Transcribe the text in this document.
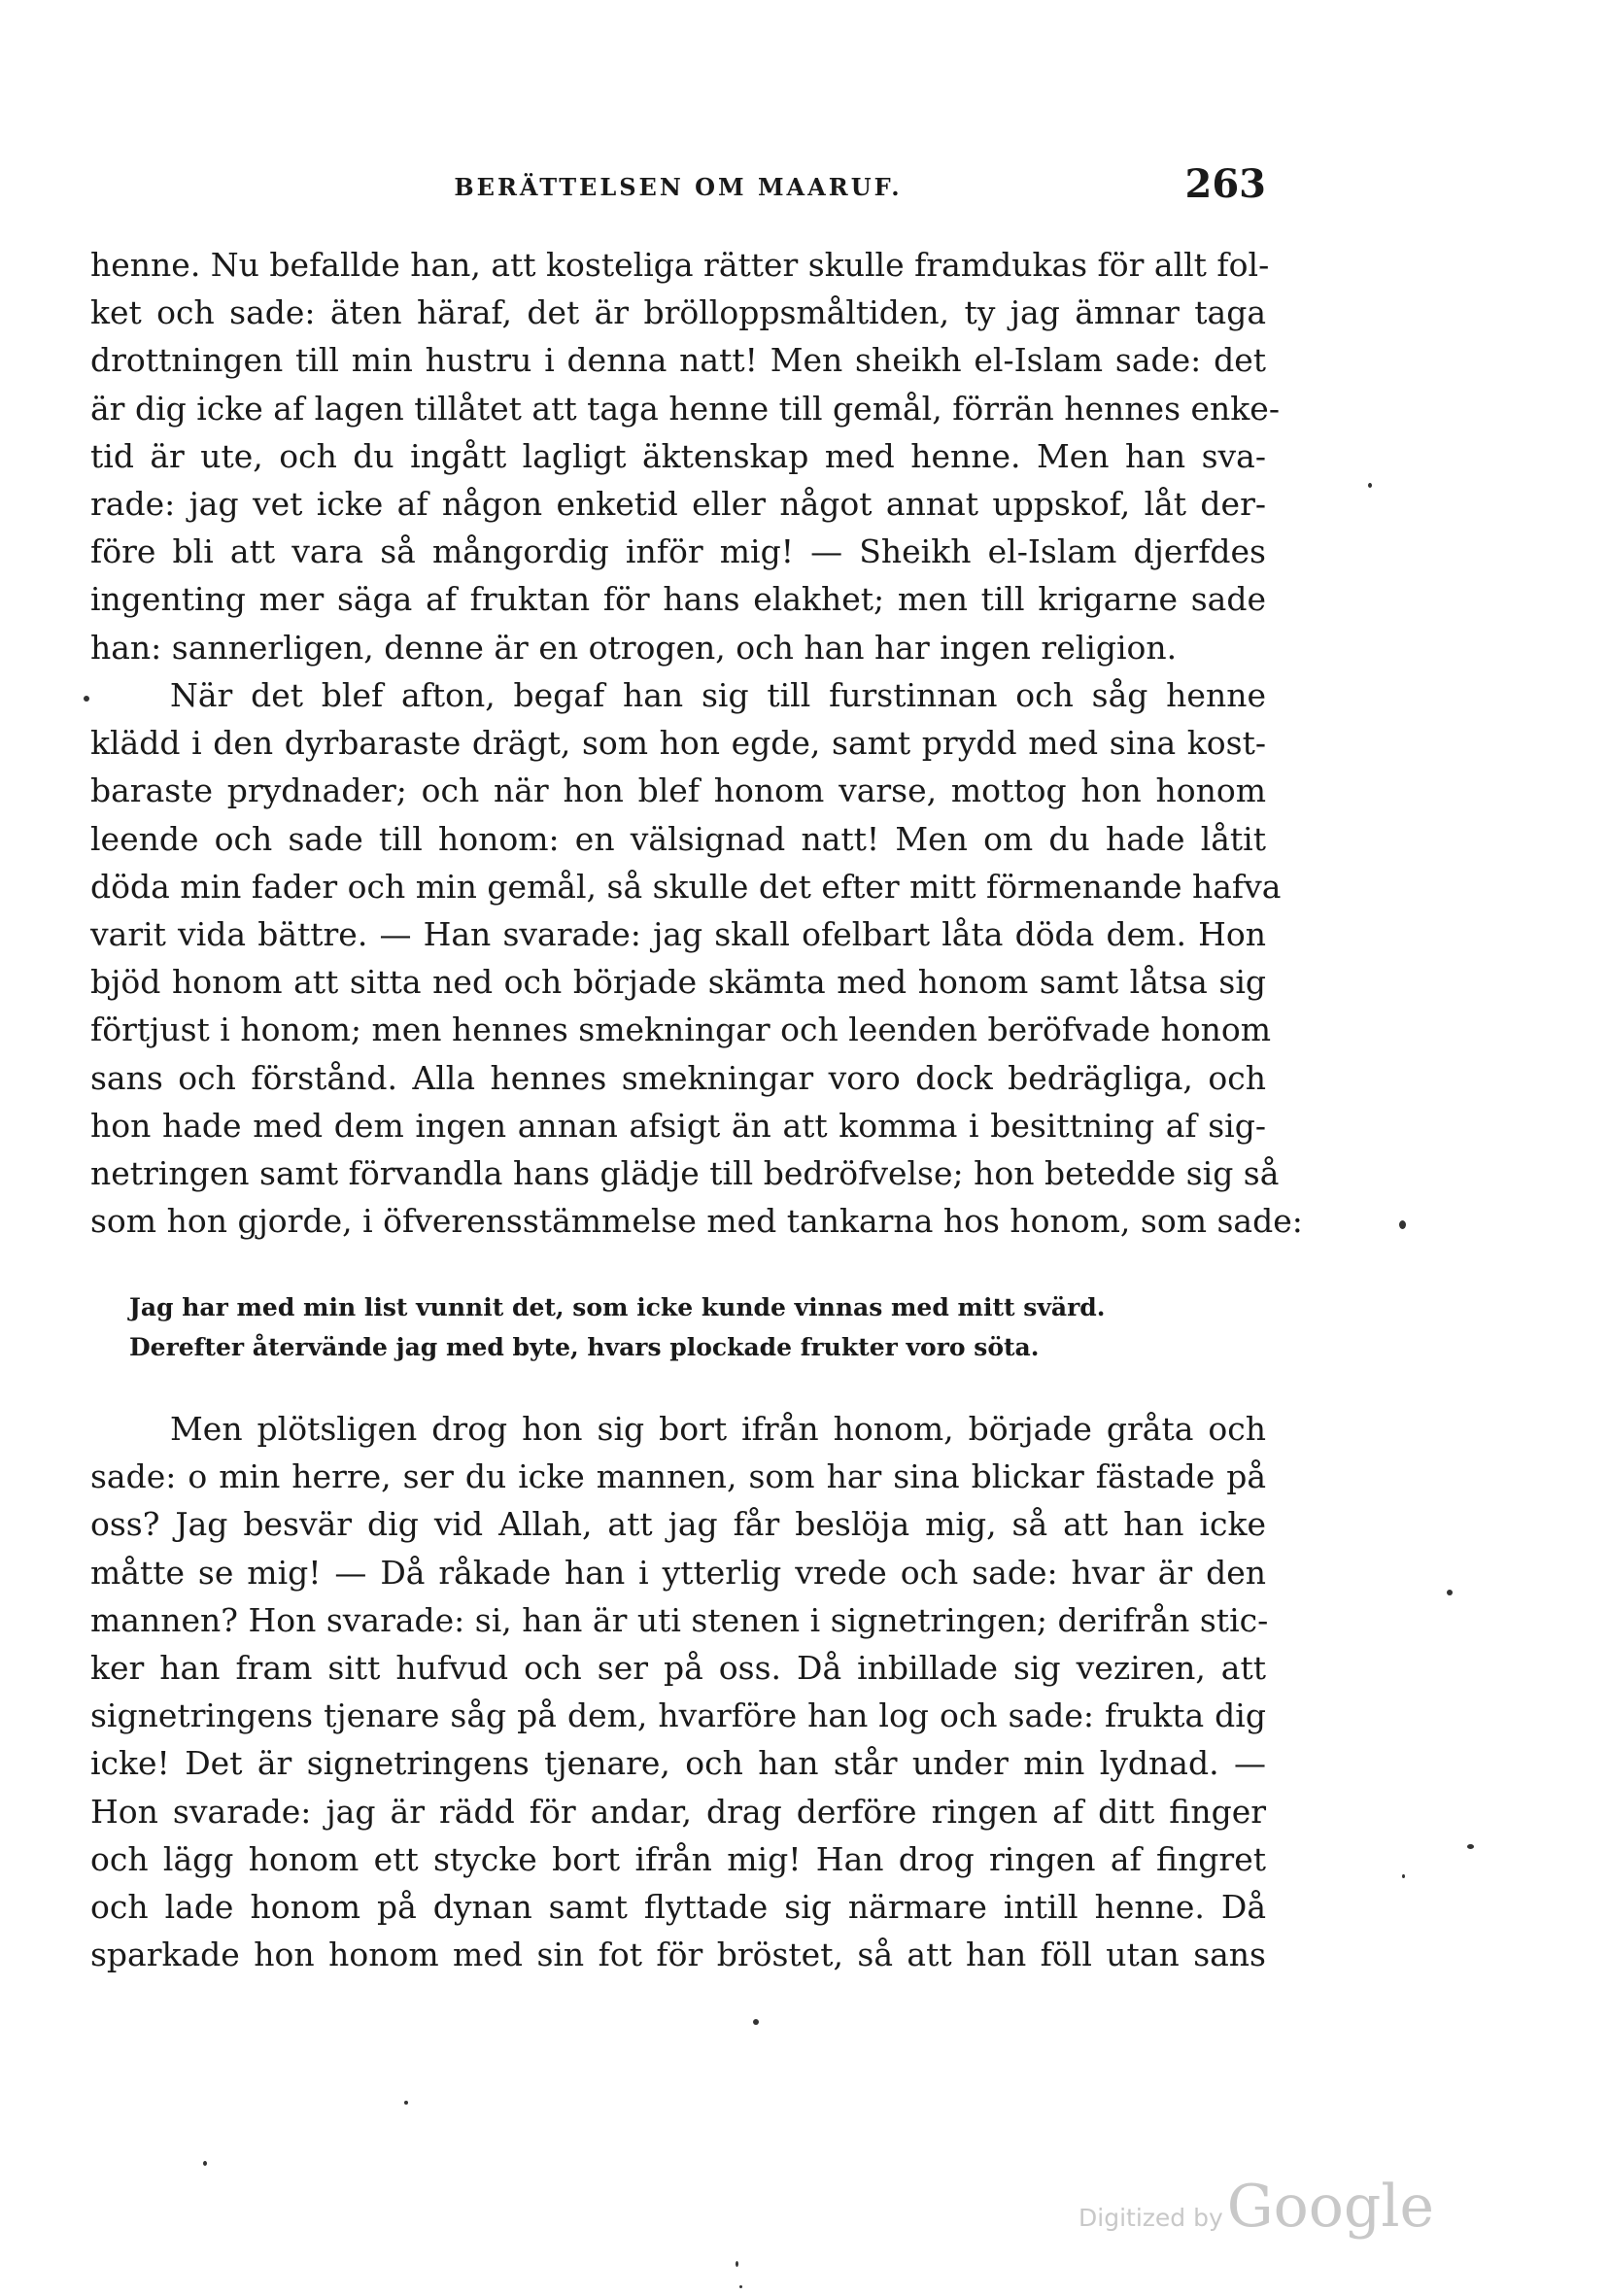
BERÄTTELSEN OM MAARUF.	263
henne. Nu befallde han, att kosteliga rätter skulle framdukas för allt fol-
ket och sade: äten häraf, det är brölloppsmåltiden, ty jag ämnar taga
drottningen till min hustru i denna natt! Men sheikh el-Islam sade: det
är dig icke af lagen tillåtet att taga henne till gemål, förrän hennes enke-
tid är ute, och du ingått lagligt äktenskap med henne. Men han sva-
rade: jag vet icke af någon enketid eller något annat uppskof, låt der-
före bli att vara så mångordig inför mig! — Sheikh el-Islam djerfdes
ingenting mer säga af fruktan för hans elakhet; men till krigarne sade
han: sannerligen, denne är en otrogen, och han har ingen religion.
När det blef afton, begaf han sig till furstinnan och såg henne
klädd i den dyrbaraste drägt, som hon egde, samt prydd med sina kost-
baraste prydnader; och när hon blef honom varse, mottog hon honom
leende och sade till honom: en välsignad natt! Men om du hade låtit
döda min fader och min gemål, så skulle det efter mitt förmenande hafva
varit vida bättre. — Han svarade: jag skall ofelbart låta döda dem. Hon
bjöd honom att sitta ned och började skämta med honom samt låtsa sig
förtjust i honom; men hennes smekningar och leenden beröfvade honom
sans och förstånd. Alla hennes smekningar voro dock bedrägliga, och
hon hade med dem ingen annan afsigt än att komma i besittning af sig-
netringen samt förvandla hans glädje till bedröfvelse; hon betedde sig så
som hon gjorde, i öfverensstämmelse med tankarna hos honom, som sade:
Jag har med min list vunnit det, som icke kunde vinnas med mitt svärd.
Derefter återvände jag med byte, hvars plockade frukter voro söta.
Men plötsligen drog hon sig bort ifrån honom, började gråta och
sade: o min herre, ser du icke mannen, som har sina blickar fästade på
oss? Jag besvär dig vid Allah, att jag får beslöja mig, så att han icke
måtte se mig! — Då råkade han i ytterlig vrede och sade: hvar är den
mannen? Hon svarade: si, han är uti stenen i signetringen; derifrån stic-
ker han fram sitt hufvud och ser på oss. Då inbillade sig veziren, att
signetringens tjenare såg på dem, hvarföre han log och sade: frukta dig
icke! Det är signetringens tjenare, och han står under min lydnad. —
Hon svarade: jag är rädd för andar, drag derföre ringen af ditt finger
och lägg honom ett stycke bort ifrån mig! Han drog ringen af fingret
och lade honom på dynan samt flyttade sig närmare intill henne. Då
sparkade hon honom med sin fot för bröstet, så att han föll utan sans
Digitized byGoogle
